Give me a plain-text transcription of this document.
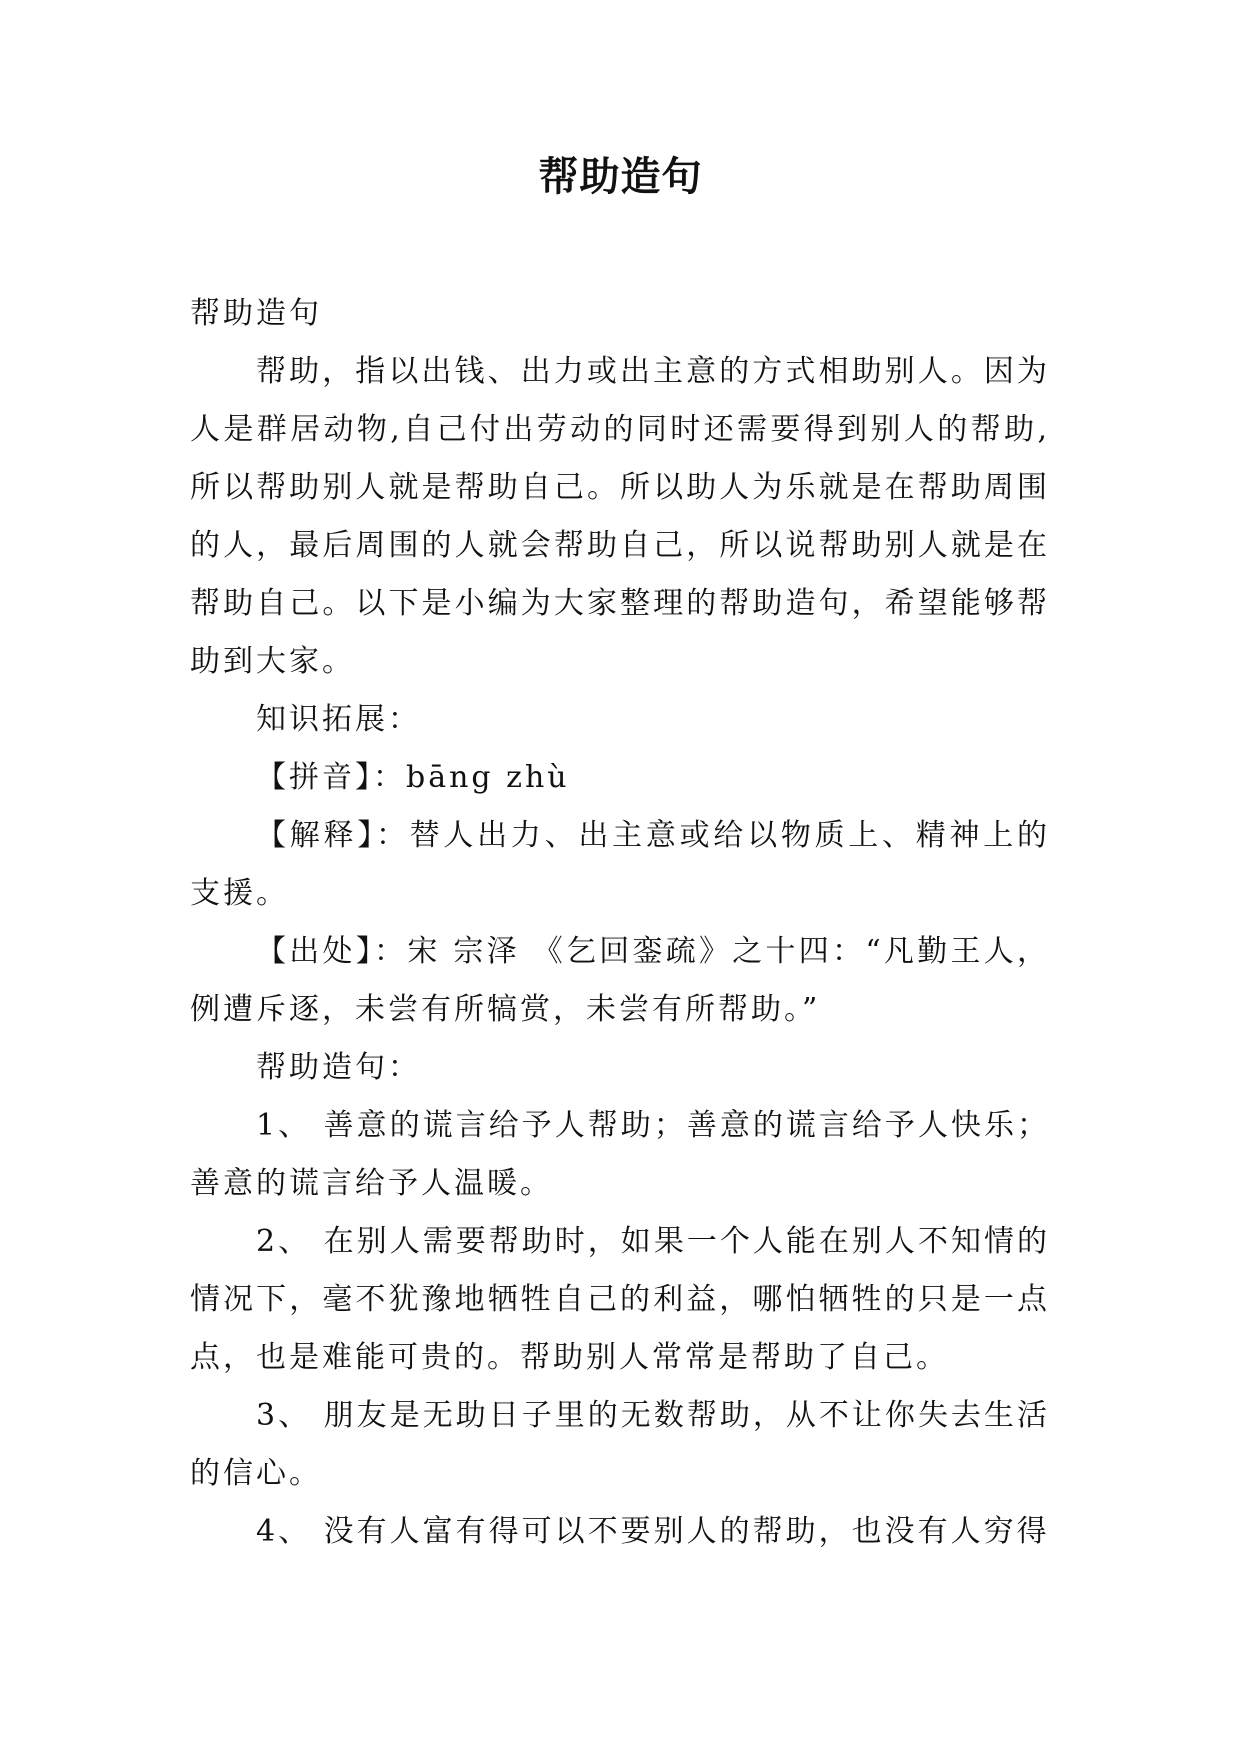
帮助造句

帮助造句

帮助，指以出钱、出力或出主意的方式相助别人。因为人是群居动物,自己付出劳动的同时还需要得到别人的帮助,所以帮助别人就是帮助自己。所以助人为乐就是在帮助周围的人，最后周围的人就会帮助自己，所以说帮助别人就是在帮助自己。以下是小编为大家整理的帮助造句，希望能够帮助到大家。

知识拓展：

【拼音】：bāng zhù

【解释】：替人出力、出主意或给以物质上、精神上的支援。

【出处】：宋 宗泽 《乞回銮疏》之十四：“凡勤王人，例遭斥逐，未尝有所犒赏，未尝有所帮助。”

帮助造句：

1、 善意的谎言给予人帮助；善意的谎言给予人快乐；善意的谎言给予人温暖。

2、 在别人需要帮助时，如果一个人能在别人不知情的情况下，毫不犹豫地牺牲自己的利益，哪怕牺牲的只是一点点，也是难能可贵的。帮助别人常常是帮助了自己。

3、 朋友是无助日子里的无数帮助，从不让你失去生活的信心。

4、 没有人富有得可以不要别人的帮助，也没有人穷得
